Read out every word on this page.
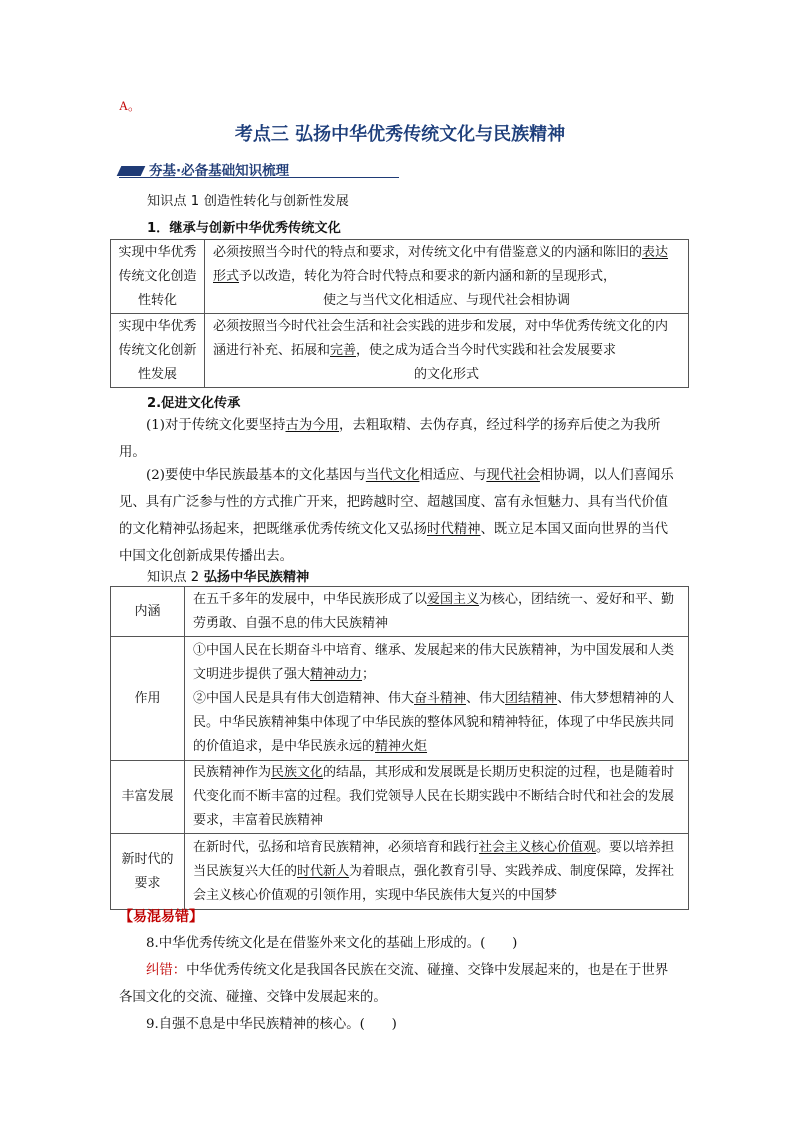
A。
考点三 弘扬中华优秀传统文化与民族精神
夯基·必备基础知识梳理
知识点 1 创造性转化与创新性发展
1．继承与创新中华优秀传统文化
实现中华优秀传统文化创造性转化	必须按照当今时代的特点和要求，对传统文化中有借鉴意义的内涵和陈旧的表达形式予以改造，转化为符合时代特点和要求的新内涵和新的呈现形式，
使之与当代文化相适应、与现代社会相协调

实现中华优秀传统文化创新性发展	必须按照当今时代社会生活和社会实践的进步和发展，对中华优秀传统文化的内涵进行补充、拓展和完善，使之成为适合当今时代实践和社会发展要求
的文化形式
2.促进文化传承
(1)对于传统文化要坚持古为今用，去粗取精、去伪存真，经过科学的扬弃后使之为我所用。
(2)要使中华民族最基本的文化基因与当代文化相适应、与现代社会相协调，以人们喜闻乐见、具有广泛参与性的方式推广开来，把跨越时空、超越国度、富有永恒魅力、具有当代价值的文化精神弘扬起来，把既继承优秀传统文化又弘扬时代精神、既立足本国又面向世界的当代中国文化创新成果传播出去。
知识点 2 弘扬中华民族精神
内涵	在五千多年的发展中，中华民族形成了以爱国主义为核心，团结统一、爱好和平、勤劳勇敢、自强不息的伟大民族精神
作用	①中国人民在长期奋斗中培育、继承、发展起来的伟大民族精神，为中国发展和人类文明进步提供了强大精神动力；
②中国人民是具有伟大创造精神、伟大奋斗精神、伟大团结精神、伟大梦想精神的人民。中华民族精神集中体现了中华民族的整体风貌和精神特征，体现了中华民族共同的价值追求，是中华民族永远的精神火炬

丰富发展	民族精神作为民族文化的结晶，其形成和发展既是长期历史积淀的过程，也是随着时代变化而不断丰富的过程。我们党领导人民在长期实践中不断结合时代和社会的发展要求，丰富着民族精神

新时代的要求	在新时代，弘扬和培育民族精神，必须培育和践行社会主义核心价值观。要以培养担当民族复兴大任的时代新人为着眼点，强化教育引导、实践养成、制度保障，发挥社会主义核心价值观的引领作用，实现中华民族伟大复兴的中国梦
【易混易错】
8.中华优秀传统文化是在借鉴外来文化的基础上形成的。(　　)
纠错：中华优秀传统文化是我国各民族在交流、碰撞、交锋中发展起来的，也是在于世界各国文化的交流、碰撞、交锋中发展起来的。
9.自强不息是中华民族精神的核心。(　　)
